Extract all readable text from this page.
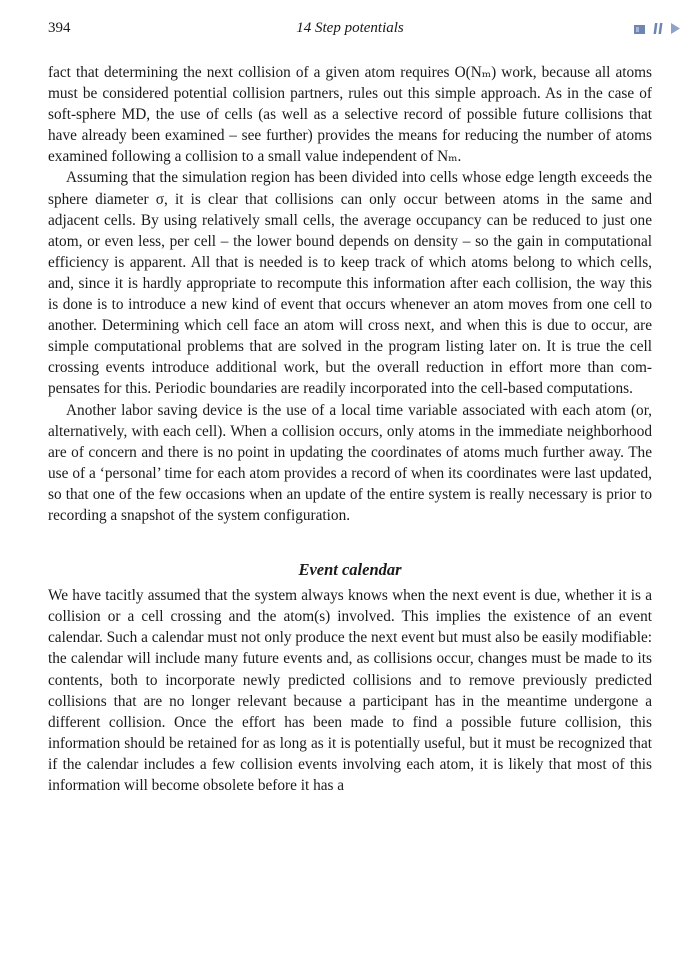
394	14 Step potentials

fact that determining the next collision of a given atom requires O(Nₘ) work, because all atoms must be considered potential collision partners, rules out this simple approach. As in the case of soft-sphere MD, the use of cells (as well as a selective record of possible future collisions that have already been examined – see further) provides the means for reducing the number of atoms examined following a collision to a small value independent of Nₘ.

Assuming that the simulation region has been divided into cells whose edge length exceeds the sphere diameter σ, it is clear that collisions can only occur between atoms in the same and adjacent cells. By using relatively small cells, the average occupancy can be reduced to just one atom, or even less, per cell – the lower bound depends on density – so the gain in computational efficiency is apparent. All that is needed is to keep track of which atoms belong to which cells, and, since it is hardly appropriate to recompute this information after each collision, the way this is done is to introduce a new kind of event that occurs whenever an atom moves from one cell to another. Determining which cell face an atom will cross next, and when this is due to occur, are simple computational problems that are solved in the program listing later on. It is true the cell crossing events introduce additional work, but the overall reduction in effort more than compensates for this. Periodic boundaries are readily incorporated into the cell-based computations.

Another labor saving device is the use of a local time variable associated with each atom (or, alternatively, with each cell). When a collision occurs, only atoms in the immediate neighborhood are of concern and there is no point in updating the coordinates of atoms much further away. The use of a ‘personal’ time for each atom provides a record of when its coordinates were last updated, so that one of the few occasions when an update of the entire system is really necessary is prior to recording a snapshot of the system configuration.

Event calendar

We have tacitly assumed that the system always knows when the next event is due, whether it is a collision or a cell crossing and the atom(s) involved. This implies the existence of an event calendar. Such a calendar must not only produce the next event but must also be easily modifiable: the calendar will include many future events and, as collisions occur, changes must be made to its contents, both to incorporate newly predicted collisions and to remove previously predicted collisions that are no longer relevant because a participant has in the meantime undergone a different collision. Once the effort has been made to find a possible future collision, this information should be retained for as long as it is potentially useful, but it must be recognized that if the calendar includes a few collision events involving each atom, it is likely that most of this information will become obsolete before it has a
